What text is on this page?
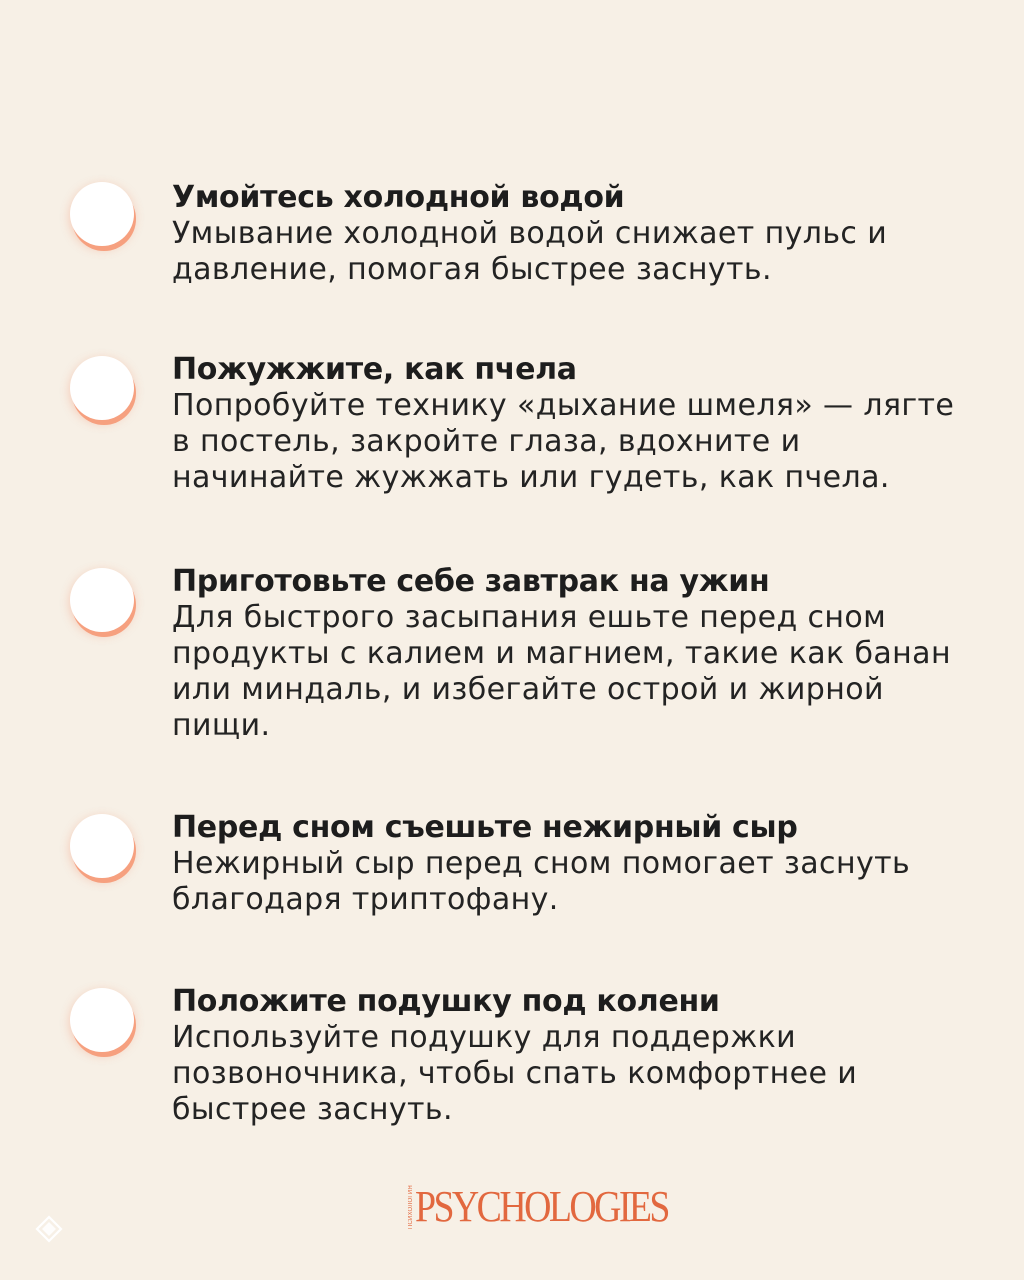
Умойтесь холодной водой

Умывание холодной водой снижает пульс и давление, помогая быстрее заснуть.

Пожужжите, как пчела

Попробуйте технику «дыхание шмеля» — лягте в постель, закройте глаза, вдохните и начинайте жужжать или гудеть, как пчела.

Приготовьте себе завтрак на ужин

Для быстрого засыпания ешьте перед сном продукты с калием и магнием, такие как банан или миндаль, и избегайте острой и жирной пищи.

Перед сном съешьте нежирный сыр

Нежирный сыр перед сном помогает заснуть благодаря триптофану.

Положите подушку под колени

Используйте подушку для поддержки позвоночника, чтобы спать комфортнее и быстрее заснуть.

ПСИХОЛОГИЯ PSYCHOLOGIES
